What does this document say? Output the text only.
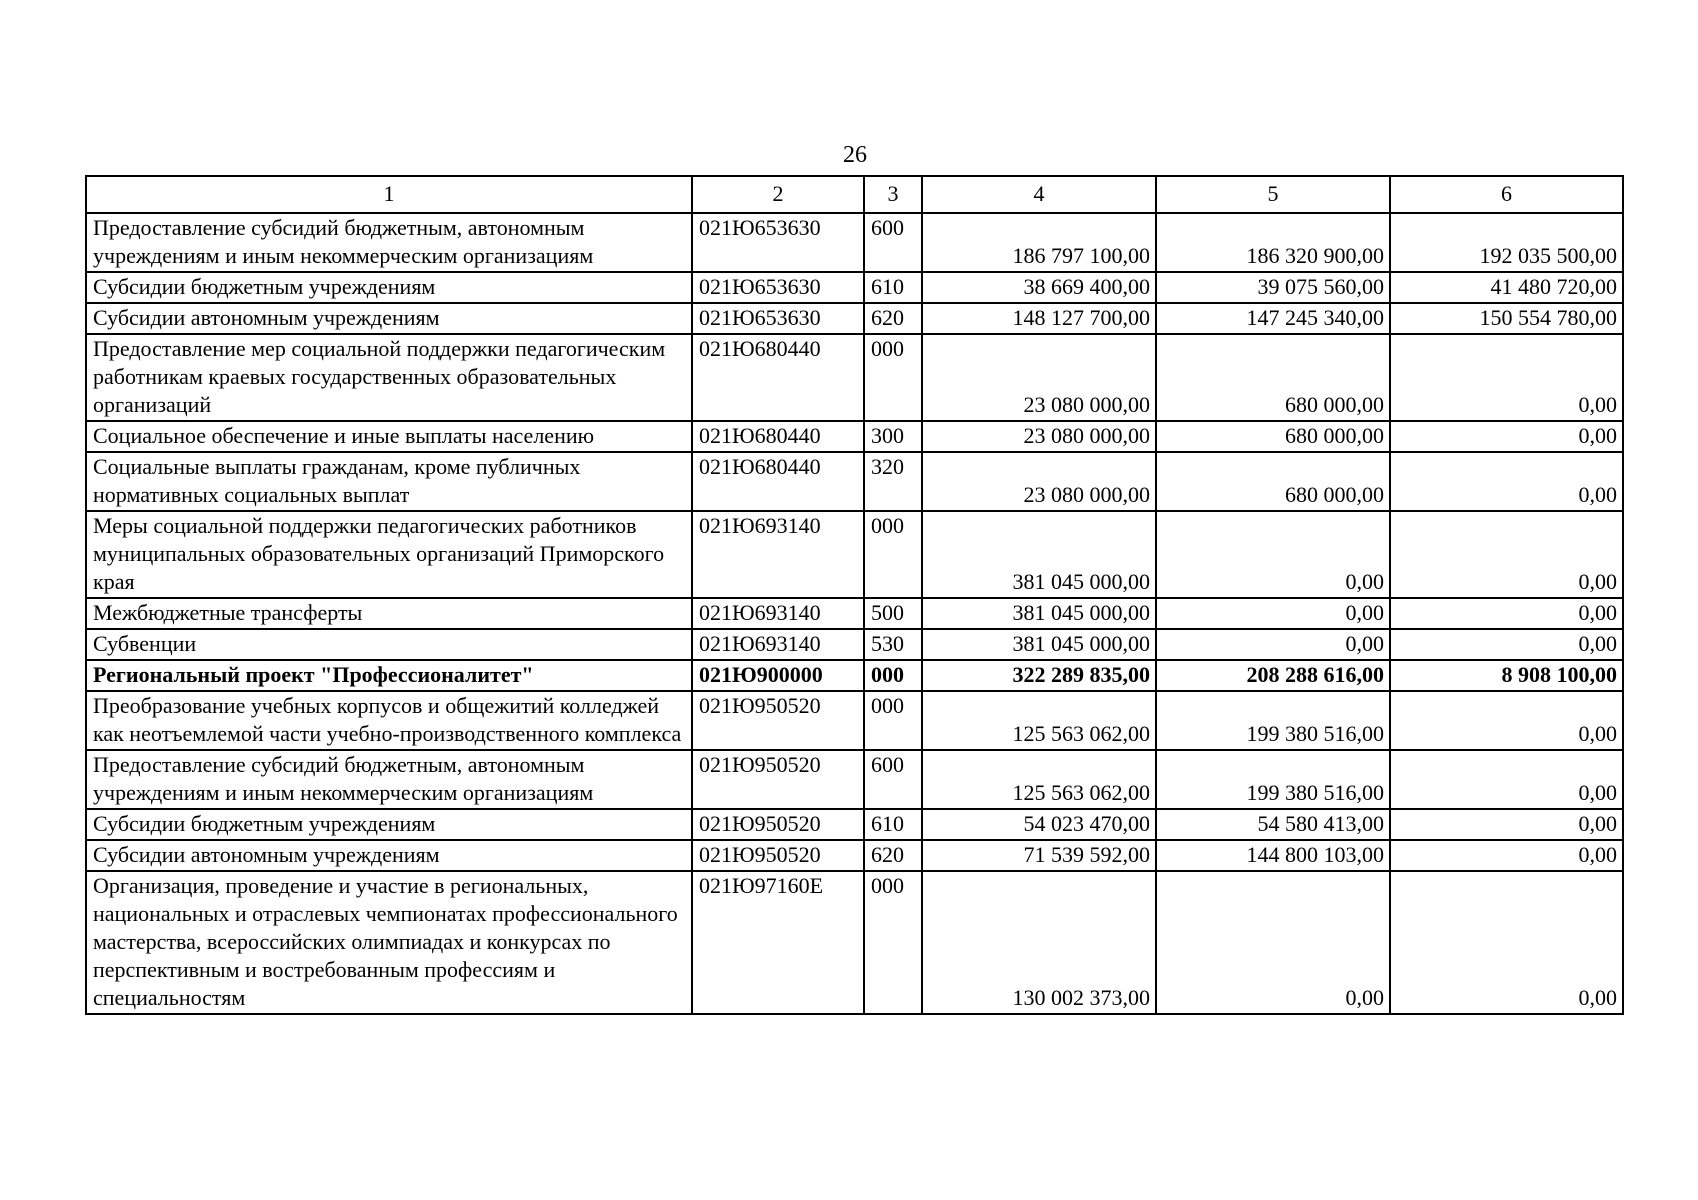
26
1	2	3	4	5	6
Предоставление субсидий бюджетным, автономным учреждениям и иным некоммерческим организациям	021Ю653630	600	186 797 100,00	186 320 900,00	192 035 500,00
Субсидии бюджетным учреждениям	021Ю653630	610	38 669 400,00	39 075 560,00	41 480 720,00
Субсидии автономным учреждениям	021Ю653630	620	148 127 700,00	147 245 340,00	150 554 780,00
Предоставление мер социальной поддержки педагогическим работникам краевых государственных образовательных организаций	021Ю680440	000	23 080 000,00	680 000,00	0,00
Социальное обеспечение и иные выплаты населению	021Ю680440	300	23 080 000,00	680 000,00	0,00
Социальные выплаты гражданам, кроме публичных нормативных социальных выплат	021Ю680440	320	23 080 000,00	680 000,00	0,00
Меры социальной поддержки педагогических работников муниципальных образовательных организаций Приморского края	021Ю693140	000	381 045 000,00	0,00	0,00
Межбюджетные трансферты	021Ю693140	500	381 045 000,00	0,00	0,00
Субвенции	021Ю693140	530	381 045 000,00	0,00	0,00
Региональный проект "Профессионалитет"	021Ю900000	000	322 289 835,00	208 288 616,00	8 908 100,00
Преобразование учебных корпусов и общежитий колледжей как неотъемлемой части учебно-производственного комплекса	021Ю950520	000	125 563 062,00	199 380 516,00	0,00
Предоставление субсидий бюджетным, автономным учреждениям и иным некоммерческим организациям	021Ю950520	600	125 563 062,00	199 380 516,00	0,00
Субсидии бюджетным учреждениям	021Ю950520	610	54 023 470,00	54 580 413,00	0,00
Субсидии автономным учреждениям	021Ю950520	620	71 539 592,00	144 800 103,00	0,00
Организация, проведение и участие в региональных, национальных и отраслевых чемпионатах профессионального мастерства, всероссийских олимпиадах и конкурсах по перспективным и востребованным профессиям и специальностям	021Ю97160Е	000	130 002 373,00	0,00	0,00
